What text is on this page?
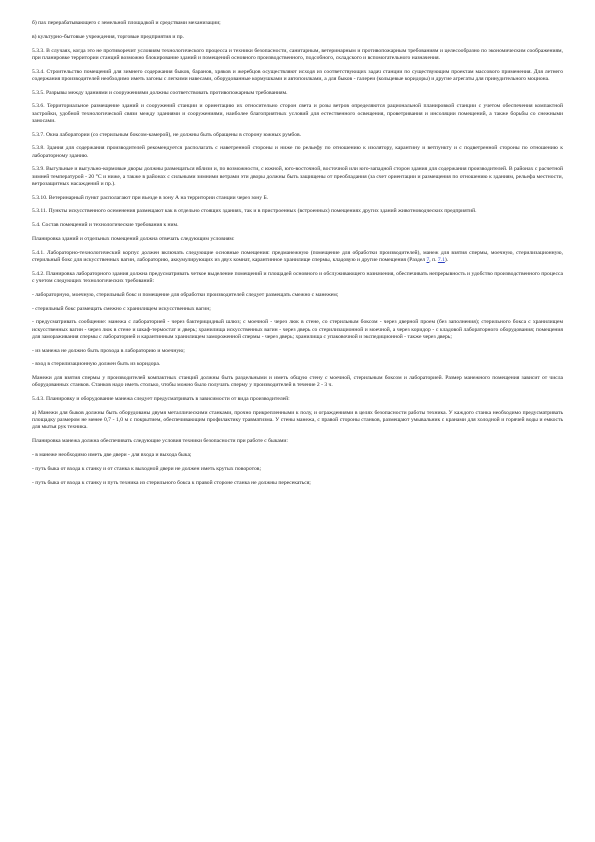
б) пах перерабатывающего с земельной площадкой и средствами механизации;

в) культурно-бытовые учреждения, торговые предприятия и пр.

5.3.3. В случаях, когда это не противоречит условиям технологического процесса и техники безопасности, санитарным, ветеринарным и противопожарным требованиям и целесообразно по экономическим соображениям, при планировке территории станций возможно блокирование зданий и помещений основного производственного, подсобного, складского и вспомогательного назначения.

5.3.4. Строительство помещений для зимнего содержания быков, баранов, хряков и жеребцов осуществляют исходя из соответствующих задач станции по существующим проектам массового применения. Для летнего содержания производителей необходимо иметь загоны с легкими навесами, оборудованные кормушками и автопоилками, а для быков - галереи (кольцевые коридоры) и другие агрегаты для принудительного моциона.

5.3.5. Разрывы между зданиями и сооружениями должны соответствовать противопожарным требованиям.

5.3.6. Территориальное размещение зданий и сооружений станции и ориентацию их относительно сторон света и розы ветров определяются рациональной планировкой станции с учетом обеспечения компактной застройки, удобной технологической связи между зданиями и сооружениями, наиболее благоприятных условий для естественного освещения, проветривания и инсоляции помещений, а также борьбы со снежными заносами.

5.3.7. Окна лаборатории (со стерильным боксом-камерой), не должны быть обращены в сторону южных румбов.

5.3.8. Здания для содержания производителей рекомендуется располагать с наветренной стороны и ниже по рельефу по отношению к изолятору, карантину и ветпункту и с подветренной стороны по отношению к лабораторному зданию.

5.3.9. Выгульные и выгульно-кормовые дворы должны размещаться вблизи и, по возможности, с южной, юго-восточной, восточной или юго-западной сторон здания для содержания производителей. В районах с расчетной зимней температурой - 20 °С и ниже, а также в районах с сильными зимними ветрами эти дворы должны быть защищены от преобладания (за счет ориентации и размещения по отношению к зданиям, рельефа местности, ветрозащитных насаждений и пр.).

5.3.10. Ветеринарный пункт располагают при въезде в зону А на территории станции через зону Б.

5.3.11. Пункты искусственного осеменения размещают как в отдельно стоящих зданиях, так и в пристроенных (встроенных) помещениях других зданий животноводческих предприятий.

5.4. Состав помещений и технологические требования к ним.

Планировка зданий и отдельных помещений должна отвечать следующим условиям:

5.4.1. Лабораторно-технологический корпус должен включать следующие основные помещения: предманежную (помещение для обработки производителей), манеж для взятия спермы, моечную, стерилизационную, стерильный бокс для искусственных вагин, лабораторию, аккумулирующих из двух комнат, карантинное хранилище спермы, кладовую и другие помещения (Раздел 7, п. 7.1).

5.4.2. Планировка лабораторного здания должна предусматривать четкое выделение помещений и площадей основного и обслуживающего назначения, обеспечивать непрерывность и удобство производственного процесса с учетом следующих технологических требований:

- лабораторную, моечную, стерильный бокс и помещение для обработки производителей следует размещать смежно с манежем;

- стерильный бокс размещать смежно с хранилищем искусственных вагин;

- предусматривать сообщение: манежа с лабораторией - через бактерицидный шлюз; с моечной - через люк в стене, со стерильным боксом - через дверной проем (без заполнения); стерильного бокса с хранилищем искусственных вагин - через люк в стене и шкаф-термостат и дверь; хранилища искусственных вагин - через дверь со стерилизационной и моечной, а через коридор - с кладовой лабораторного оборудования; помещения для замораживания спермы с лабораторией и карантинным хранилищем замороженной спермы - через дверь; хранилища с упаковочной и экспедиционной - также через дверь;

- из манежа не должно быть прохода в лабораторию и моечную;

- вход в стерилизационную должен быть из коридора.

Манежи для взятия спермы у производителей компактных станций должны быть раздельными и иметь общую стену с моечной, стерильным боксом и лабораторией. Размер манежного помещения зависит от числа оборудованных станков. Станков надо иметь столько, чтобы можно было получать сперму у производителей в течение 2 - 3 ч.

5.4.3. Планировку и оборудование манежа следует предусматривать в зависимости от вида производителей:

а) Манежи для быков должны быть оборудованы двумя металлическими станками, прочно прикрепленными к полу, и ограждениями в целях безопасности работы техника. У каждого станка необходимо предусматривать площадку размером не менее 0,7 - 1,0 м с покрытием, обеспечивающим профилактику травматизма. У стены манежа, с правой стороны станков, размещают умывальник с кранами для холодной и горячей воды и емкость для мытья рук техника.

Планировка манежа должна обеспечивать следующие условия техники безопасности при работе с быками:

- в манеже необходимо иметь две двери - для входа и выхода быка;

- путь быка от входа к станку и от станка к выходной двери не должен иметь крутых поворотов;

- путь быка от входа к станку и путь техника из стерильного бокса к правой стороне станка не должны пересекаться;
